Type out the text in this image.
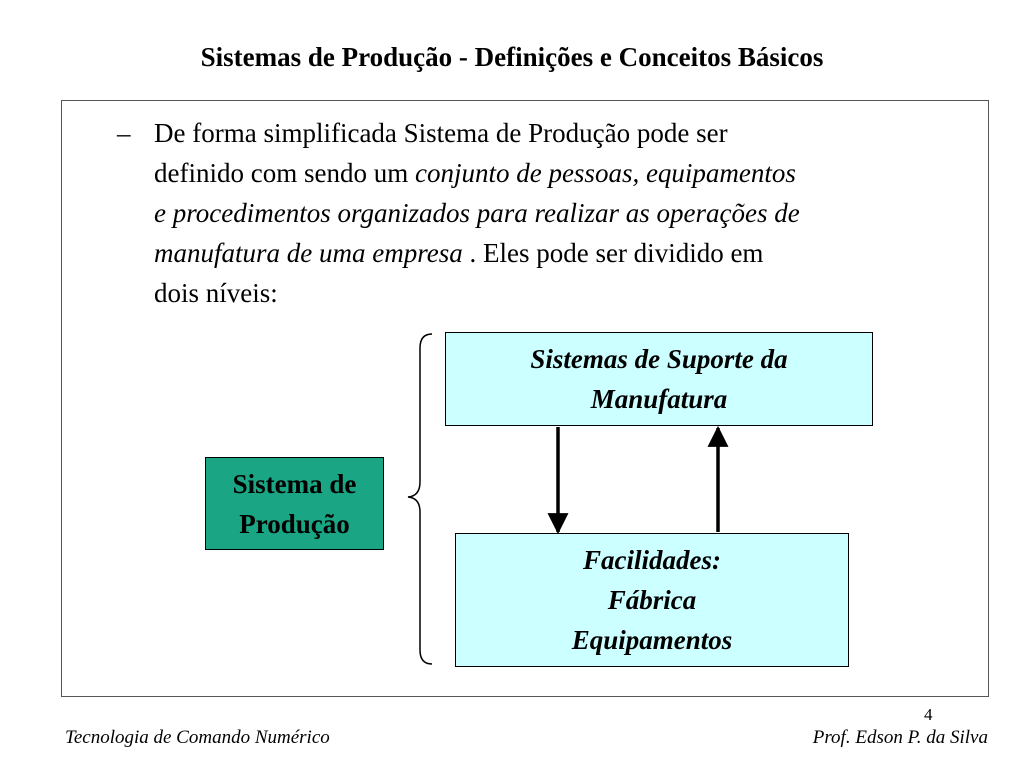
Sistemas de Produção - Definições e Conceitos Básicos
– De forma simplificada Sistema de Produção pode ser
definido com sendo um conjunto de pessoas, equipamentos
e procedimentos organizados para realizar as operações de
manufatura de uma empresa . Eles pode ser dividido em
dois níveis:
Sistema de
Produção
Sistemas de Suporte da
Manufatura
Facilidades:
Fábrica
Equipamentos
4
Tecnologia de Comando Numérico	Prof. Edson P. da Silva
